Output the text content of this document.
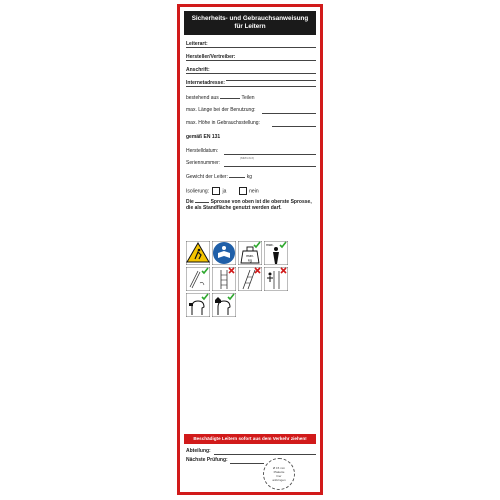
Sicherheits- und Gebrauchsanweisung
für Leitern
Leiterart:
Hersteller/Vertreiber:
Anschrift:
Internetadresse:
bestehend aus	Teilen
max. Länge bei der Benutzung:
max. Höhe in Gebrauchsstellung:
gemäß EN 131
Herstelldatum:
(MM/JJJJ)
Seriennummer:
Gewicht der Leiter:	kg
Isolierung:	ja	nein
Die	Sprosse von oben ist die oberste Sprosse,
die als Standfläche genutzt werden darf.
max.
kg
max.
Beschädigte Leitern sofort aus dem Verkehr ziehen!
Abteilung:
Nächste Prüfung:
Ø 15 mm
Plakette
hier
anbringen
